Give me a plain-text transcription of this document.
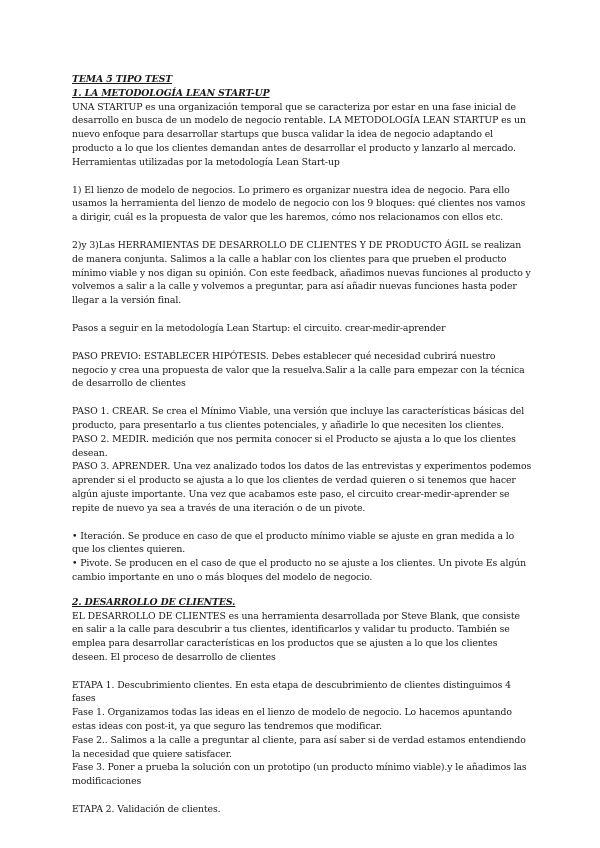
TEMA 5 TIPO TEST

1. LA METODOLOGÍA LEAN START-UP

UNA STARTUP es una organización temporal que se caracteriza por estar en una fase inicial de desarrollo en busca de un modelo de negocio rentable. LA METODOLOGÍA LEAN STARTUP es un nuevo enfoque para desarrollar startups que busca validar la idea de negocio adaptando el producto a lo que los clientes demandan antes de desarrollar el producto y lanzarlo al mercado. Herramientas utilizadas por la metodología Lean Start-up

1) El lienzo de modelo de negocios. Lo primero es organizar nuestra idea de negocio. Para ello usamos la herramienta del lienzo de modelo de negocio con los 9 bloques: qué clientes nos vamos a dirigir, cuál es la propuesta de valor que les haremos, cómo nos relacionamos con ellos etc.

2)y 3)Las HERRAMIENTAS DE DESARROLLO DE CLIENTES Y DE PRODUCTO ÁGIL se realizan de manera conjunta. Salimos a la calle a hablar con los clientes para que prueben el producto mínimo viable y nos digan su opinión. Con este feedback, añadimos nuevas funciones al producto y volvemos a salir a la calle y volvemos a preguntar, para así añadir nuevas funciones hasta poder llegar a la versión final.

Pasos a seguir en la metodología Lean Startup: el circuito. crear-medir-aprender

PASO PREVIO: ESTABLECER HIPÓTESIS. Debes establecer qué necesidad cubrirá nuestro negocio y crea una propuesta de valor que la resuelva.Salir a la calle para empezar con la técnica de desarrollo de clientes

PASO 1. CREAR. Se crea el Mínimo Viable, una versión que incluye las características básicas del producto, para presentarlo a tus clientes potenciales, y añadirle lo que necesiten los clientes.

PASO 2. MEDIR. medición que nos permita conocer si el Producto se ajusta a lo que los clientes desean.

PASO 3. APRENDER. Una vez analizado todos los datos de las entrevistas y experimentos podemos aprender si el producto se ajusta a lo que los clientes de verdad quieren o si tenemos que hacer algún ajuste importante. Una vez que acabamos este paso, el circuito crear-medir-aprender se repite de nuevo ya sea a través de una iteración o de un pivote.

• Iteración. Se produce en caso de que el producto mínimo viable se ajuste en gran medida a lo que los clientes quieren.

• Pivote. Se producen en el caso de que el producto no se ajuste a los clientes. Un pivote Es algún cambio importante en uno o más bloques del modelo de negocio.

2. DESARROLLO DE CLIENTES.

EL DESARROLLO DE CLIENTES es una herramienta desarrollada por Steve Blank, que consiste en salir a la calle para descubrir a tus clientes, identificarlos y validar tu producto. También se emplea para desarrollar características en los productos que se ajusten a lo que los clientes deseen. El proceso de desarrollo de clientes

ETAPA 1. Descubrimiento clientes. En esta etapa de descubrimiento de clientes distinguimos 4 fases

Fase 1. Organizamos todas las ideas en el lienzo de modelo de negocio. Lo hacemos apuntando estas ideas con post-it, ya que seguro las tendremos que modificar.

Fase 2.. Salimos a la calle a preguntar al cliente, para así saber si de verdad estamos entendiendo la necesidad que quiere satisfacer.

Fase 3. Poner a prueba la solución con un prototipo (un producto mínimo viable).y le añadimos las modificaciones

ETAPA 2. Validación de clientes.
